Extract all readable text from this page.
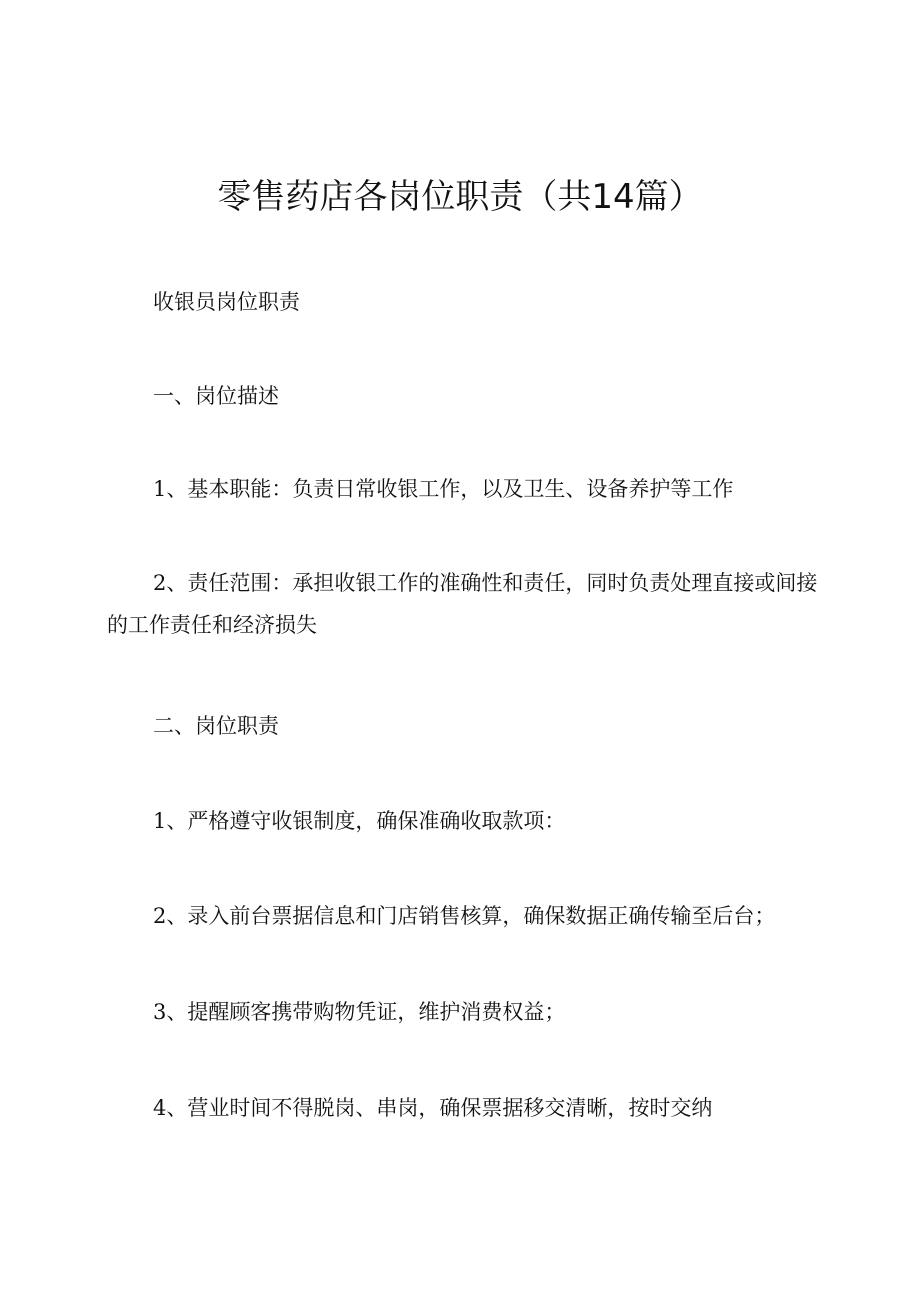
零售药店各岗位职责（共14篇）

收银员岗位职责

一、岗位描述

1、基本职能：负责日常收银工作，以及卫生、设备养护等工作

2、责任范围：承担收银工作的准确性和责任，同时负责处理直接或间接的工作责任和经济损失

二、岗位职责

1、严格遵守收银制度，确保准确收取款项：

2、录入前台票据信息和门店销售核算，确保数据正确传输至后台；

3、提醒顾客携带购物凭证，维护消费权益；

4、营业时间不得脱岗、串岗，确保票据移交清晰，按时交纳
